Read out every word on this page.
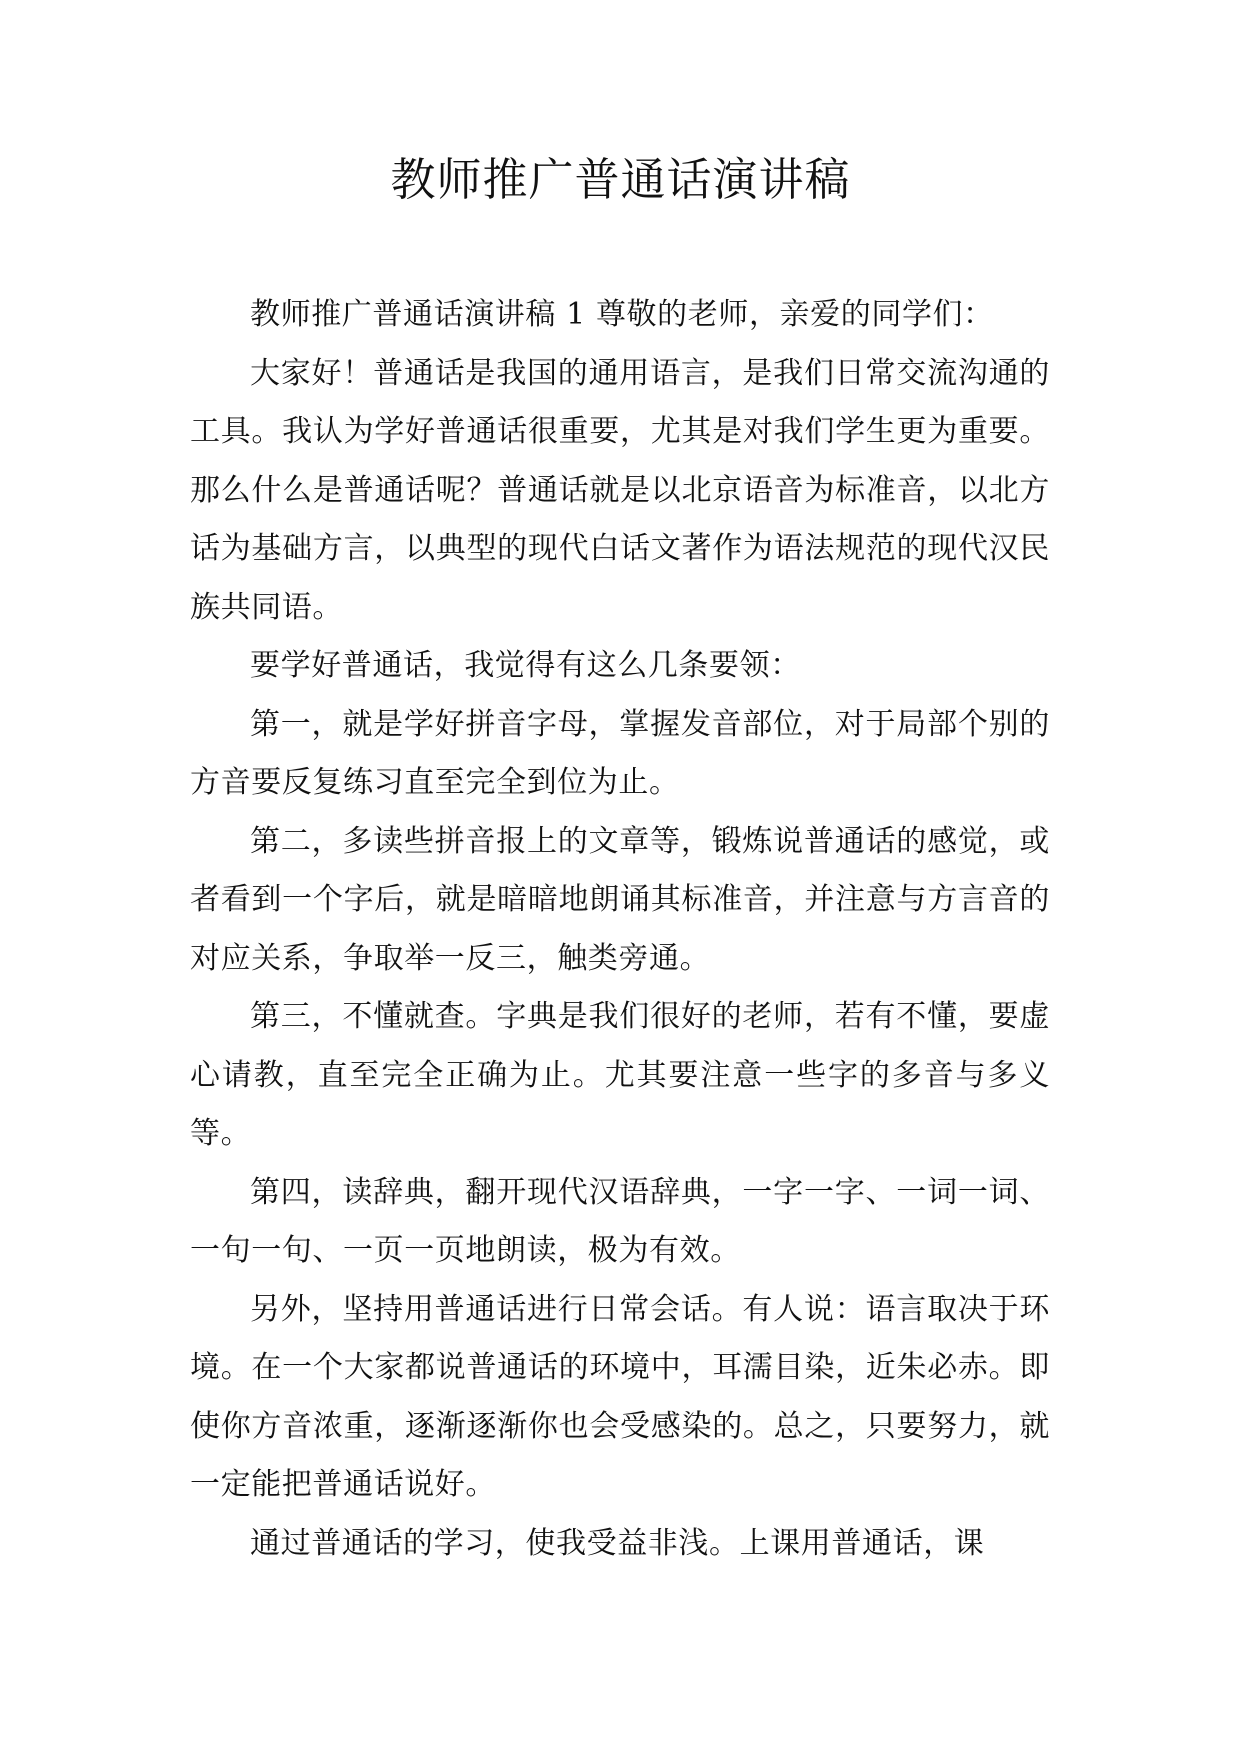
教师推广普通话演讲稿

教师推广普通话演讲稿 1 尊敬的老师，亲爱的同学们：

大家好！普通话是我国的通用语言，是我们日常交流沟通的工具。我认为学好普通话很重要，尤其是对我们学生更为重要。那么什么是普通话呢？普通话就是以北京语音为标准音，以北方话为基础方言，以典型的现代白话文著作为语法规范的现代汉民族共同语。

要学好普通话，我觉得有这么几条要领：

第一，就是学好拼音字母，掌握发音部位，对于局部个别的方音要反复练习直至完全到位为止。

第二，多读些拼音报上的文章等，锻炼说普通话的感觉，或者看到一个字后，就是暗暗地朗诵其标准音，并注意与方言音的对应关系，争取举一反三，触类旁通。

第三，不懂就查。字典是我们很好的老师，若有不懂，要虚心请教，直至完全正确为止。尤其要注意一些字的多音与多义等。

第四，读辞典，翻开现代汉语辞典，一字一字、一词一词、一句一句、一页一页地朗读，极为有效。

另外，坚持用普通话进行日常会话。有人说：语言取决于环境。在一个大家都说普通话的环境中，耳濡目染，近朱必赤。即使你方音浓重，逐渐逐渐你也会受感染的。总之，只要努力，就一定能把普通话说好。

通过普通话的学习，使我受益非浅。上课用普通话，课
